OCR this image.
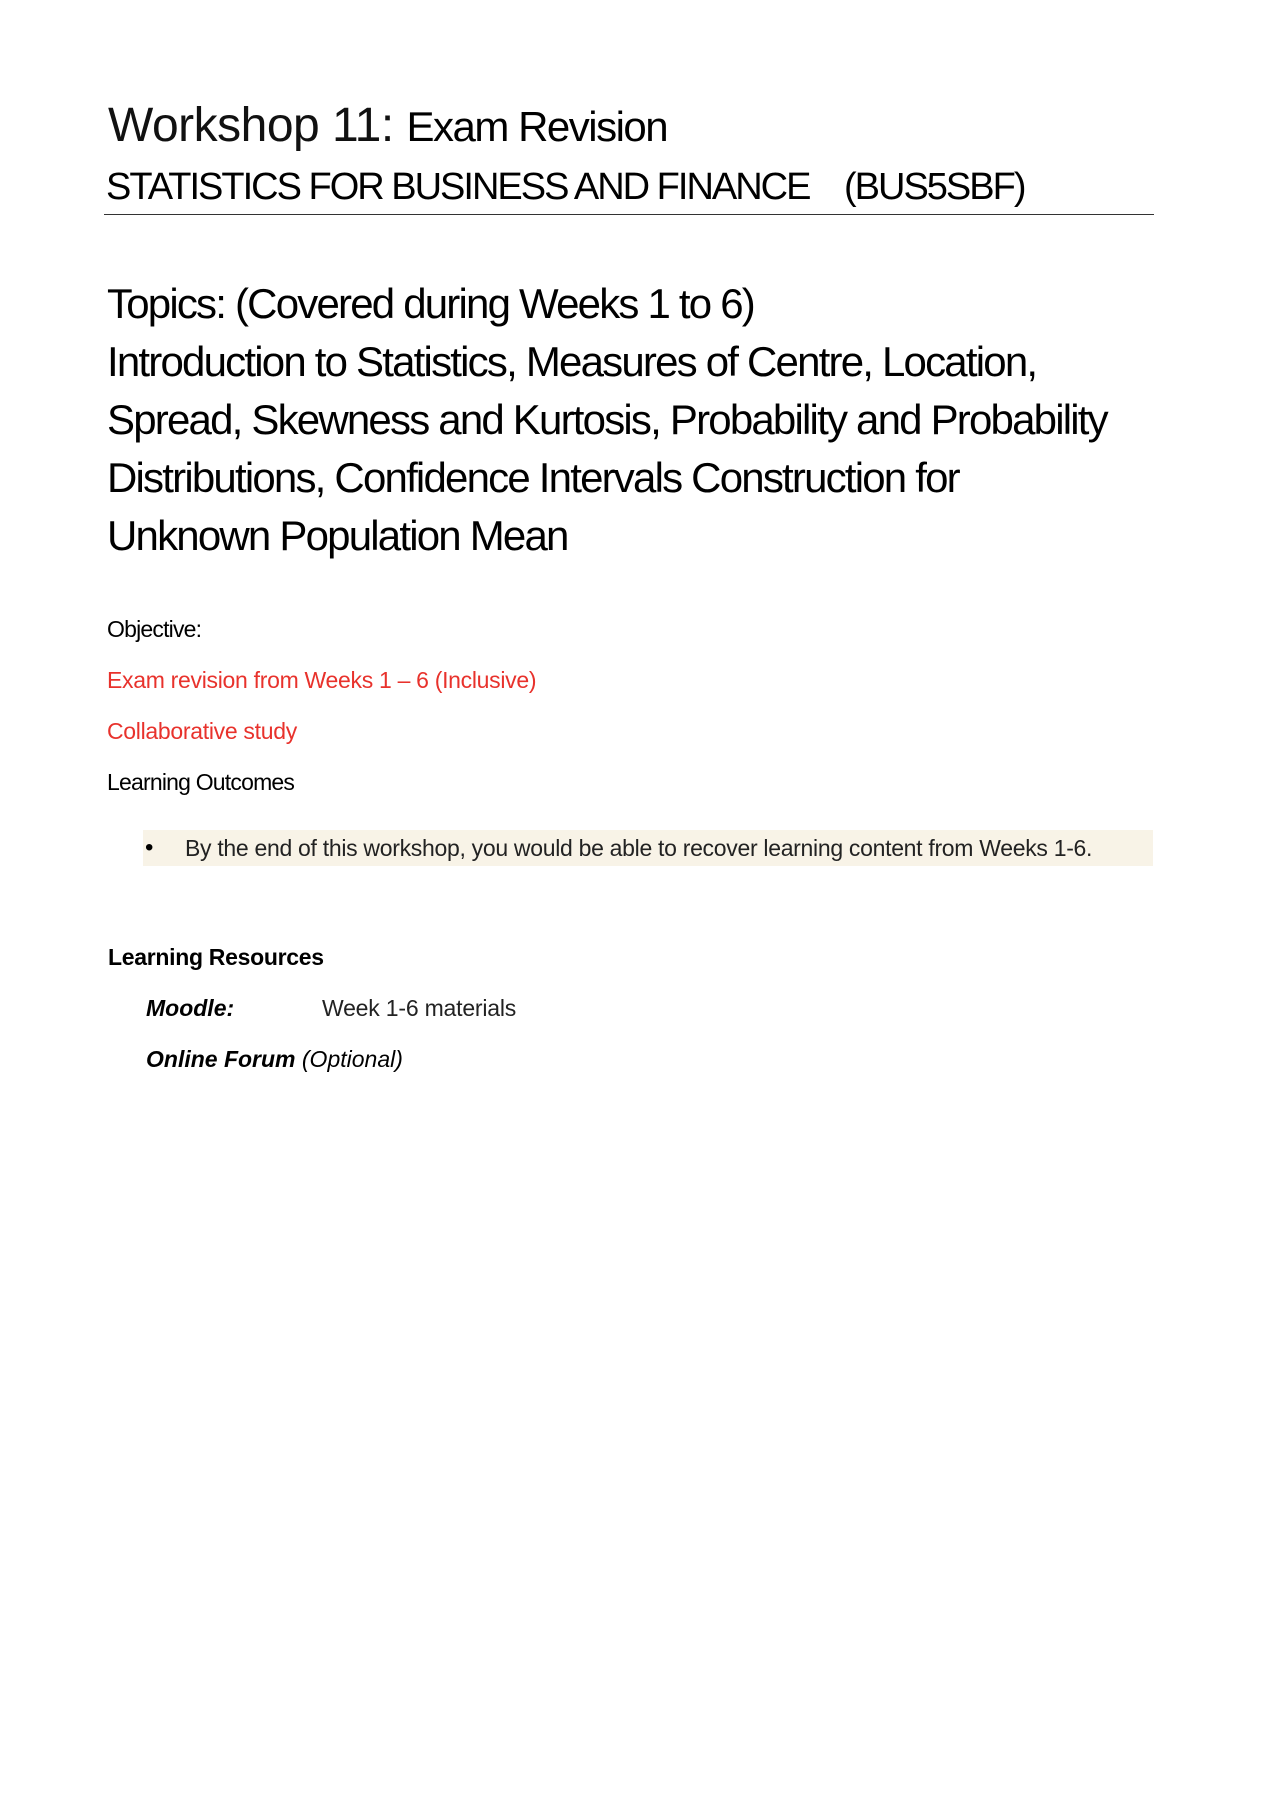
Workshop 11: Exam Revision
STATISTICS FOR BUSINESS AND FINANCE (BUS5SBF)
Topics: (Covered during Weeks 1 to 6)
Introduction to Statistics, Measures of Centre, Location,
Spread, Skewness and Kurtosis, Probability and Probability
Distributions, Confidence Intervals Construction for
Unknown Population Mean
Objective:
Exam revision from Weeks 1 – 6 (Inclusive)
Collaborative study
Learning Outcomes
• By the end of this workshop, you would be able to recover learning content from Weeks 1-6.
Learning Resources
Moodle:	Week 1-6 materials
Online Forum (Optional)
